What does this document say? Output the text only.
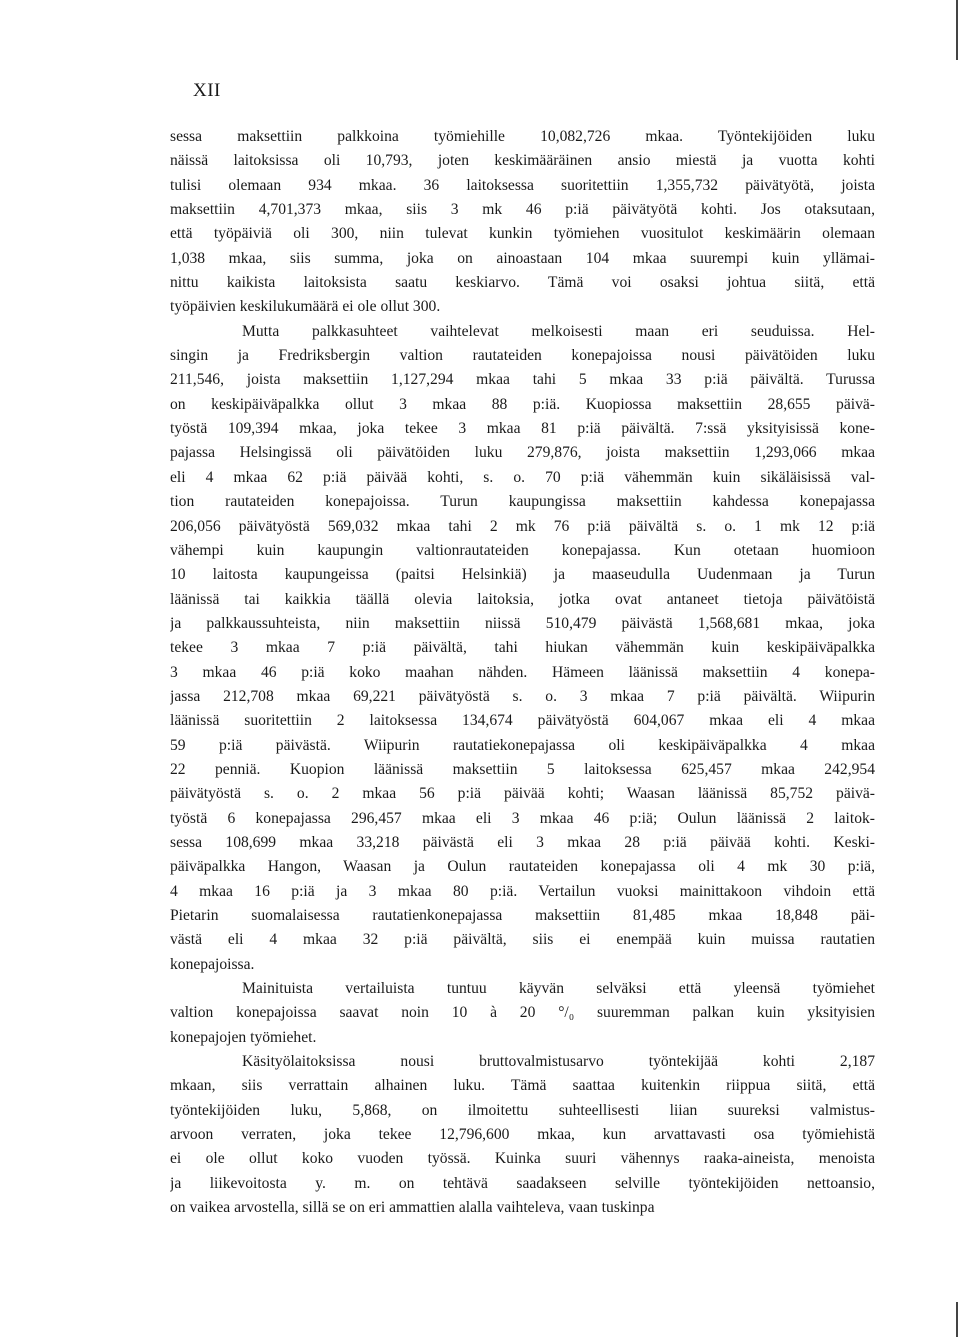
XII
sessa maksettiin palkkoina työmiehille 10,082,726 mkaa. Työntekijöiden luku
näissä laitoksissa oli 10,793, joten keskimääräinen ansio miestä ja vuotta kohti
tulisi olemaan 934 mkaa. 36 laitoksessa suoritettiin 1,355,732 päivätyötä, joista
maksettiin 4,701,373 mkaa, siis 3 mk 46 p:iä päivätyötä kohti. Jos otaksutaan,
että työpäiviä oli 300, niin tulevat kunkin työmiehen vuositulot keskimäärin olemaan
1,038 mkaa, siis summa, joka on ainoastaan 104 mkaa suurempi kuin yllämai-
nittu kaikista laitoksista saatu keskiarvo. Tämä voi osaksi johtua siitä, että
työpäivien keskilukumäärä ei ole ollut 300.
Mutta palkkasuhteet vaihtelevat melkoisesti maan eri seuduissa. Hel-
singin ja Fredriksbergin valtion rautateiden konepajoissa nousi päivätöiden luku
211,546, joista maksettiin 1,127,294 mkaa tahi 5 mkaa 33 p:iä päivältä. Turussa
on keskipäiväpalkka ollut 3 mkaa 88 p:iä. Kuopiossa maksettiin 28,655 päivä-
työstä 109,394 mkaa, joka tekee 3 mkaa 81 p:iä päivältä. 7:ssä yksityisissä kone-
pajassa Helsingissä oli päivätöiden luku 279,876, joista maksettiin 1,293,066 mkaa
eli 4 mkaa 62 p:iä päivää kohti, s. o. 70 p:iä vähemmän kuin sikäläisissä val-
tion rautateiden konepajoissa. Turun kaupungissa maksettiin kahdessa konepajassa
206,056 päivätyöstä 569,032 mkaa tahi 2 mk 76 p:iä päivältä s. o. 1 mk 12 p:iä
vähempi kuin kaupungin valtionrautateiden konepajassa. Kun otetaan huomioon
10 laitosta kaupungeissa (paitsi Helsinkiä) ja maaseudulla Uudenmaan ja Turun
läänissä tai kaikkia täällä olevia laitoksia, jotka ovat antaneet tietoja päivätöistä
ja palkkaussuhteista, niin maksettiin niissä 510,479 päivästä 1,568,681 mkaa, joka
tekee 3 mkaa 7 p:iä päivältä, tahi hiukan vähemmän kuin keskipäiväpalkka
3 mkaa 46 p:iä koko maahan nähden. Hämeen läänissä maksettiin 4 konepa-
jassa 212,708 mkaa 69,221 päivätyöstä s. o. 3 mkaa 7 p:iä päivältä. Wiipurin
läänissä suoritettiin 2 laitoksessa 134,674 päivätyöstä 604,067 mkaa eli 4 mkaa
59 p:iä päivästä. Wiipurin rautatiekonepajassa oli keskipäiväpalkka 4 mkaa
22 penniä. Kuopion läänissä maksettiin 5 laitoksessa 625,457 mkaa 242,954
päivätyöstä s. o. 2 mkaa 56 p:iä päivää kohti; Waasan läänissä 85,752 päivä-
työstä 6 konepajassa 296,457 mkaa eli 3 mkaa 46 p:iä; Oulun läänissä 2 laitok-
sessa 108,699 mkaa 33,218 päivästä eli 3 mkaa 28 p:iä päivää kohti. Keski-
päiväpalkka Hangon, Waasan ja Oulun rautateiden konepajassa oli 4 mk 30 p:iä,
4 mkaa 16 p:iä ja 3 mkaa 80 p:iä. Vertailun vuoksi mainittakoon vihdoin että
Pietarin suomalaisessa rautatienkonepajassa maksettiin 81,485 mkaa 18,848 päi-
västä eli 4 mkaa 32 p:iä päivältä, siis ei enempää kuin muissa rautatien
konepajoissa.
Mainituista vertailuista tuntuu käyvän selväksi että yleensä työmiehet
valtion konepajoissa saavat noin 10 à 20 °/₀ suuremman palkan kuin yksityisien
konepajojen työmiehet.
Käsityölaitoksissa nousi bruttovalmistusarvo työntekijää kohti 2,187
mkaan, siis verrattain alhainen luku. Tämä saattaa kuitenkin riippua siitä, että
työntekijöiden luku, 5,868, on ilmoitettu suhteellisesti liian suureksi valmistus-
arvoon verraten, joka tekee 12,796,600 mkaa, kun arvattavasti osa työmiehistä
ei ole ollut koko vuoden työssä. Kuinka suuri vähennys raaka-aineista, menoista
ja liikevoitosta y. m. on tehtävä saadakseen selville työntekijöiden nettoansio,
on vaikea arvostella, sillä se on eri ammattien alalla vaihteleva, vaan tuskinpa
